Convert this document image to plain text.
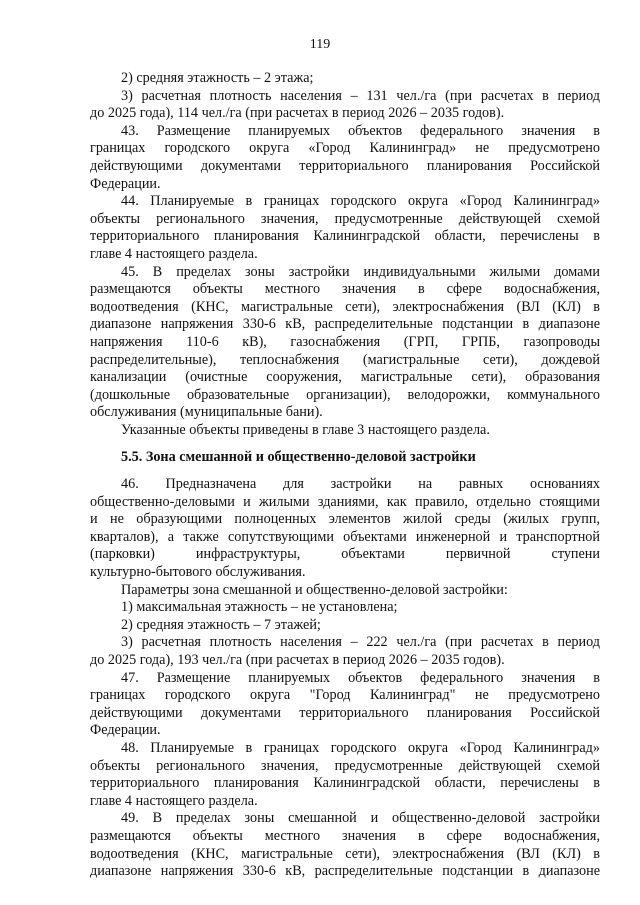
119
2) средняя этажность – 2 этажа;
3) расчетная плотность населения – 131 чел./га (при расчетах в период
до 2025 года), 114 чел./га (при расчетах в период 2026 – 2035 годов).
43. Размещение планируемых объектов федерального значения в
границах городского округа «Город Калининград» не предусмотрено
действующими документами территориального планирования Российской
Федерации.
44. Планируемые в границах городского округа «Город Калининград»
объекты регионального значения, предусмотренные действующей схемой
территориального планирования Калининградской области, перечислены в
главе 4 настоящего раздела.
45. В пределах зоны застройки индивидуальными жилыми домами
размещаются объекты местного значения в сфере водоснабжения,
водоотведения (КНС, магистральные сети), электроснабжения (ВЛ (КЛ) в
диапазоне напряжения 330-6 кВ, распределительные подстанции в диапазоне
напряжения 110-6 кВ), газоснабжения (ГРП, ГРПБ, газопроводы
распределительные), теплоснабжения (магистральные сети), дождевой
канализации (очистные сооружения, магистральные сети), образования
(дошкольные образовательные организации), велодорожки, коммунального
обслуживания (муниципальные бани).
Указанные объекты приведены в главе 3 настоящего раздела.
5.5. Зона смешанной и общественно-деловой застройки
46. Предназначена для застройки на равных основаниях
общественно-деловыми и жилыми зданиями, как правило, отдельно стоящими
и не образующими полноценных элементов жилой среды (жилых групп,
кварталов), а также сопутствующими объектами инженерной и транспортной
(парковки) инфраструктуры, объектами первичной ступени
культурно-бытового обслуживания.
Параметры зона смешанной и общественно-деловой застройки:
1) максимальная этажность – не установлена;
2) средняя этажность – 7 этажей;
3) расчетная плотность населения – 222 чел./га (при расчетах в период
до 2025 года), 193 чел./га (при расчетах в период 2026 – 2035 годов).
47. Размещение планируемых объектов федерального значения в
границах городского округа "Город Калининград" не предусмотрено
действующими документами территориального планирования Российской
Федерации.
48. Планируемые в границах городского округа «Город Калининград»
объекты регионального значения, предусмотренные действующей схемой
территориального планирования Калининградской области, перечислены в
главе 4 настоящего раздела.
49. В пределах зоны смешанной и общественно-деловой застройки
размещаются объекты местного значения в сфере водоснабжения,
водоотведения (КНС, магистральные сети), электроснабжения (ВЛ (КЛ) в
диапазоне напряжения 330-6 кВ, распределительные подстанции в диапазоне
